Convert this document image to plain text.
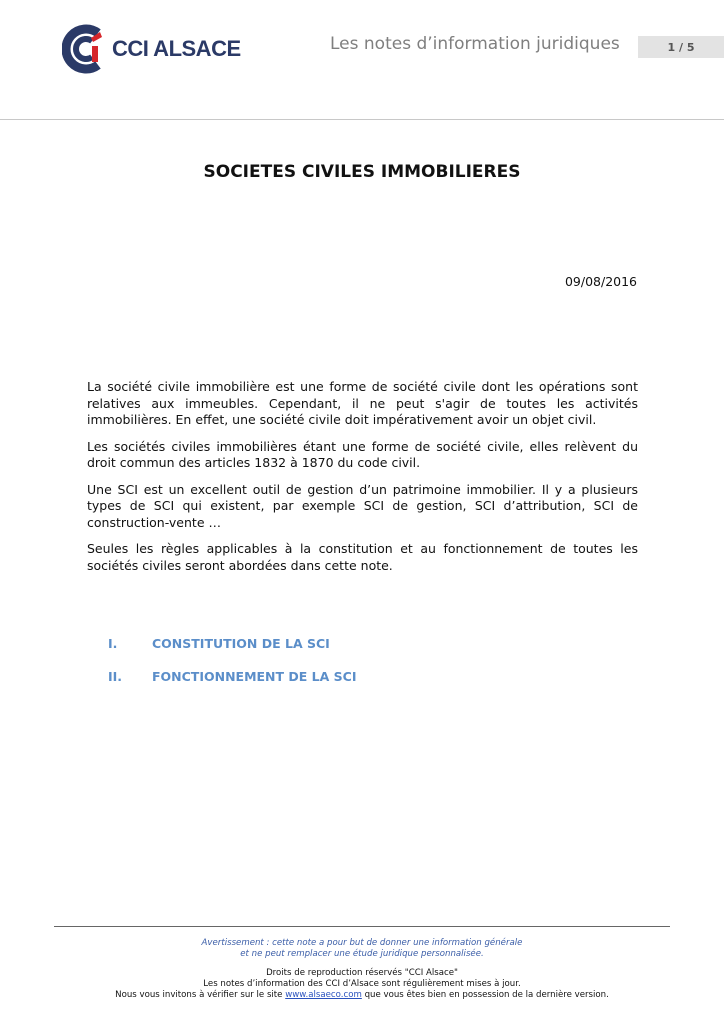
CCI ALSACE	Les notes d’information juridiques	1 / 5
SOCIETES CIVILES IMMOBILIERES
09/08/2016

La société civile immobilière est une forme de société civile dont les opérations sont relatives aux immeubles. Cependant, il ne peut s'agir de toutes les activités immobilières. En effet, une société civile doit impérativement avoir un objet civil.

Les sociétés civiles immobilières étant une forme de société civile, elles relèvent du droit commun des articles 1832 à 1870 du code civil.

Une SCI est un excellent outil de gestion d’un patrimoine immobilier. Il y a plusieurs types de SCI qui existent, par exemple SCI de gestion, SCI d’attribution, SCI de construction-vente …

Seules les règles applicables à la constitution et au fonctionnement de toutes les sociétés civiles seront abordées dans cette note.

I.	CONSTITUTION DE LA SCI
II.	FONCTIONNEMENT DE LA SCI
Avertissement : cette note a pour but de donner une information générale
et ne peut remplacer une étude juridique personnalisée.
Droits de reproduction réservés "CCI Alsace"
Les notes d’information des CCI d’Alsace sont régulièrement mises à jour.
Nous vous invitons à vérifier sur le site www.alsaeco.com que vous êtes bien en possession de la dernière version.
